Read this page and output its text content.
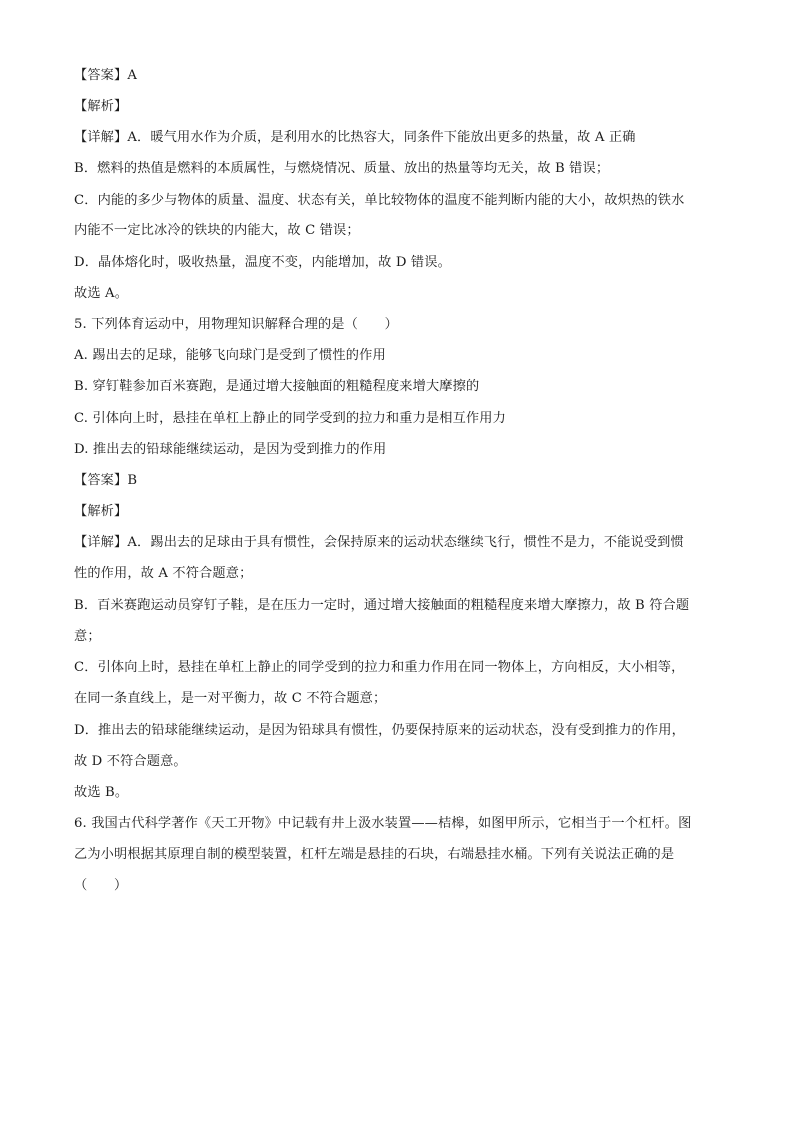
【答案】A
【解析】
【详解】A．暖气用水作为介质，是利用水的比热容大，同条件下能放出更多的热量，故 A 正确
B．燃料的热值是燃料的本质属性，与燃烧情况、质量、放出的热量等均无关，故 B 错误；
C．内能的多少与物体的质量、温度、状态有关，单比较物体的温度不能判断内能的大小，故炽热的铁水
内能不一定比冰冷的铁块的内能大，故 C 错误；
D．晶体熔化时，吸收热量，温度不变，内能增加，故 D 错误。
故选 A。
5. 下列体育运动中，用物理知识解释合理的是（　　）
A. 踢出去的足球，能够飞向球门是受到了惯性的作用
B. 穿钉鞋参加百米赛跑，是通过增大接触面的粗糙程度来增大摩擦的
C. 引体向上时，悬挂在单杠上静止的同学受到的拉力和重力是相互作用力
D. 推出去的铅球能继续运动，是因为受到推力的作用
【答案】B
【解析】
【详解】A．踢出去的足球由于具有惯性，会保持原来的运动状态继续飞行，惯性不是力，不能说受到惯
性的作用，故 A 不符合题意；
B．百米赛跑运动员穿钉子鞋，是在压力一定时，通过增大接触面的粗糙程度来增大摩擦力，故 B 符合题
意；
C．引体向上时，悬挂在单杠上静止的同学受到的拉力和重力作用在同一物体上，方向相反，大小相等，
在同一条直线上，是一对平衡力，故 C 不符合题意；
D．推出去的铅球能继续运动，是因为铅球具有惯性，仍要保持原来的运动状态，没有受到推力的作用，
故 D 不符合题意。
故选 B。
6. 我国古代科学著作《天工开物》中记载有井上汲水装置——桔槔，如图甲所示，它相当于一个杠杆。图
乙为小明根据其原理自制的模型装置，杠杆左端是悬挂的石块，右端悬挂水桶。下列有关说法正确的是
（　　）
